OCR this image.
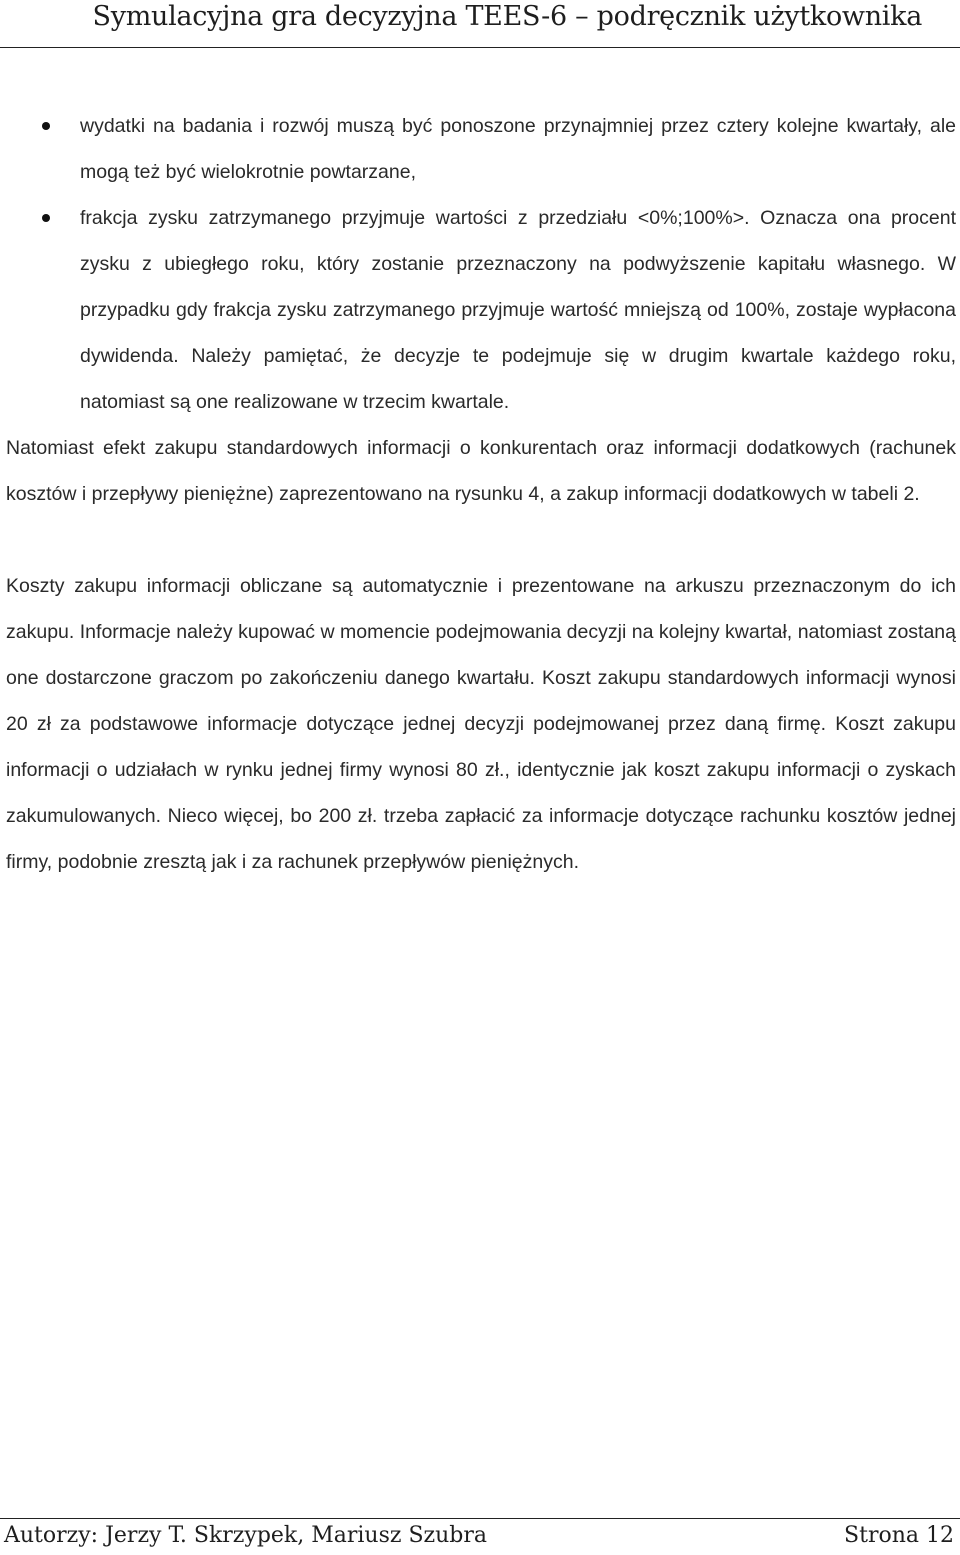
Symulacyjna gra decyzyjna TEES-6 – podręcznik użytkownika
wydatki na badania i rozwój muszą być ponoszone przynajmniej przez cztery kolejne kwartały, ale mogą też być wielokrotnie powtarzane,
frakcja zysku zatrzymanego przyjmuje wartości z przedziału <0%;100%>. Oznacza ona procent zysku z ubiegłego roku, który zostanie przeznaczony na podwyższenie kapitału własnego. W przypadku gdy frakcja zysku zatrzymanego przyjmuje wartość mniejszą od 100%, zostaje wypłacona dywidenda. Należy pamiętać, że decyzje te podejmuje się w drugim kwartale każdego roku, natomiast są one realizowane w trzecim kwartale.

Natomiast efekt zakupu standardowych informacji o konkurentach oraz informacji dodatkowych (rachunek kosztów i przepływy pieniężne) zaprezentowano na rysunku 4, a zakup informacji dodatkowych w tabeli 2.

Koszty zakupu informacji obliczane są automatycznie i prezentowane na arkuszu przeznaczonym do ich zakupu. Informacje należy kupować w momencie podejmowania decyzji na kolejny kwartał, natomiast zostaną one dostarczone graczom po zakończeniu danego kwartału. Koszt zakupu standardowych informacji wynosi 20 zł za podstawowe informacje dotyczące jednej decyzji podejmowanej przez daną firmę. Koszt zakupu informacji o udziałach w rynku jednej firmy wynosi 80 zł., identycznie jak koszt zakupu informacji o zyskach zakumulowanych. Nieco więcej, bo 200 zł. trzeba zapłacić za informacje dotyczące rachunku kosztów jednej firmy, podobnie zresztą jak i za rachunek przepływów pieniężnych.

Autorzy: Jerzy T. Skrzypek, Mariusz Szubra	Strona 12
